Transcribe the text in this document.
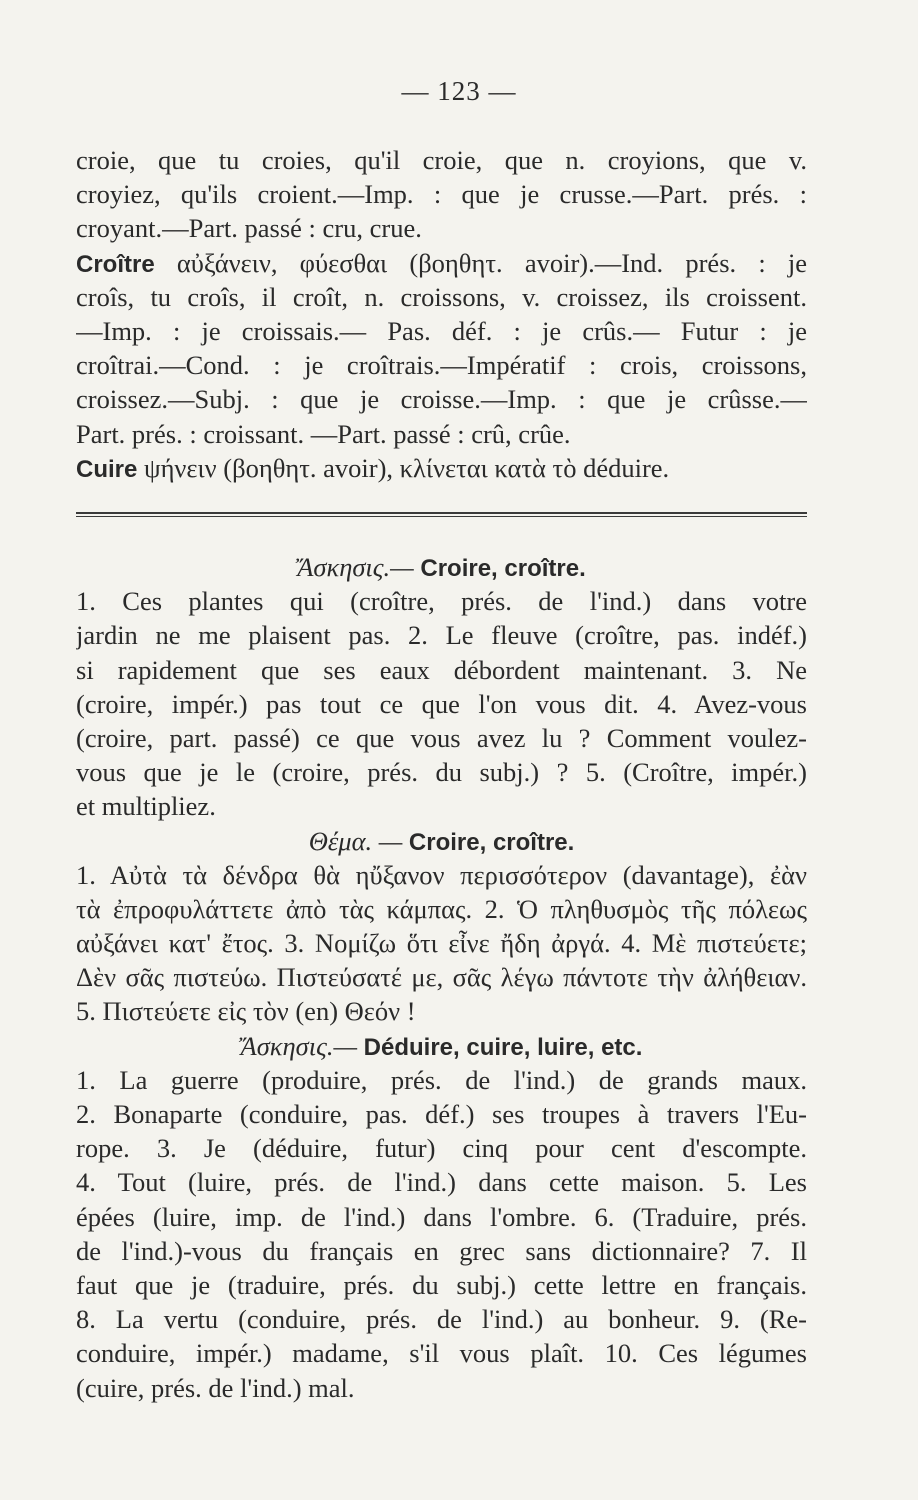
— 123 —
croie, que tu croies, qu'il croie, que n. croyions, que v.
croyiez, qu'ils croient.—Imp. : que je crusse.—Part. prés. :
croyant.—Part. passé : cru, crue.
Croître αὐξάνειν, φύεσθαι (βοηθητ. avoir).—Ind. prés. : je
croîs, tu croîs, il croît, n. croissons, v. croissez, ils croissent.
—Imp. : je croissais.— Pas. déf. : je crûs.— Futur : je
croîtrai.—Cond. : je croîtrais.—Impératif : crois, croissons,
croissez.—Subj. : que je croisse.—Imp. : que je crûsse.—
Part. prés. : croissant. —Part. passé : crû, crûe.
Cuire ψήνειν (βοηθητ. avoir), κλίνεται κατὰ τὸ déduire.
Ἄσκησις.— Croire, croître.
1. Ces plantes qui (croître, prés. de l'ind.) dans votre
jardin ne me plaisent pas. 2. Le fleuve (croître, pas. indéf.)
si rapidement que ses eaux débordent maintenant. 3. Ne
(croire, impér.) pas tout ce que l'on vous dit. 4. Avez-vous
(croire, part. passé) ce que vous avez lu ? Comment voulez-
vous que je le (croire, prés. du subj.) ? 5. (Croître, impér.)
et multipliez.
Θέμα. — Croire, croître.
1. Αὐτὰ τὰ δένδρα θὰ ηὔξανον περισσότερον (davantage), ἐὰν
τὰ ἐπροφυλάττετε ἀπὸ τὰς κάμπας. 2. Ὁ πληθυσμὸς τῆς πόλεως
αὐξάνει κατ' ἔτος. 3. Νομίζω ὅτι εἶνε ἤδη ἀργά. 4. Μὲ πιστεύετε;
Δὲν σᾶς πιστεύω. Πιστεύσατέ με, σᾶς λέγω πάντοτε τὴν ἀλήθειαν.
5. Πιστεύετε εἰς τὸν (en) Θεόν !
Ἄσκησις.— Déduire, cuire, luire, etc.
1. La guerre (produire, prés. de l'ind.) de grands maux.
2. Bonaparte (conduire, pas. déf.) ses troupes à travers l'Eu-
rope. 3. Je (déduire, futur) cinq pour cent d'escompte.
4. Tout (luire, prés. de l'ind.) dans cette maison. 5. Les
épées (luire, imp. de l'ind.) dans l'ombre. 6. (Traduire, prés.
de l'ind.)-vous du français en grec sans dictionnaire? 7. Il
faut que je (traduire, prés. du subj.) cette lettre en français.
8. La vertu (conduire, prés. de l'ind.) au bonheur. 9. (Re-
conduire, impér.) madame, s'il vous plaît. 10. Ces légumes
(cuire, prés. de l'ind.) mal.
